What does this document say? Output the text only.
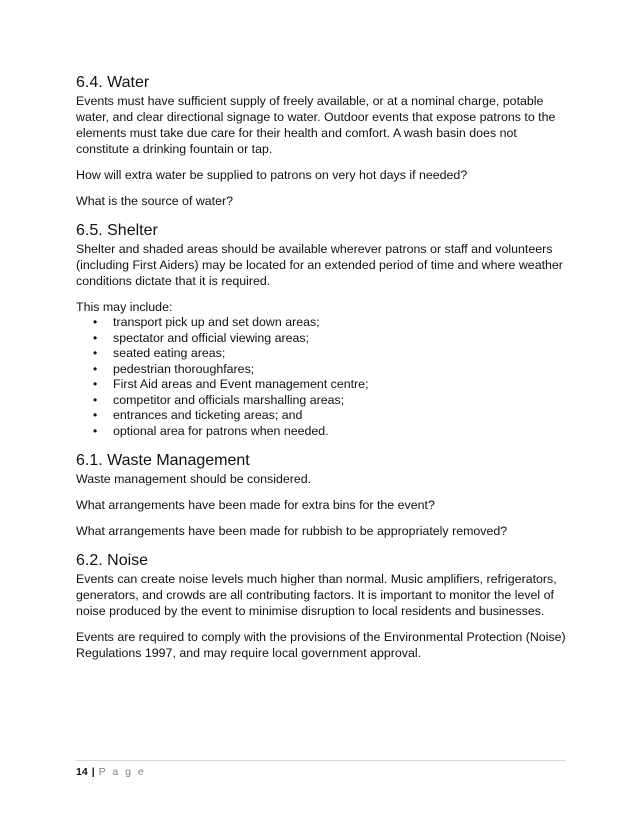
6.4. Water

Events must have sufficient supply of freely available, or at a nominal charge, potable water, and clear directional signage to water. Outdoor events that expose patrons to the elements must take due care for their health and comfort. A wash basin does not constitute a drinking fountain or tap.

How will extra water be supplied to patrons on very hot days if needed?

What is the source of water?

6.5. Shelter

Shelter and shaded areas should be available wherever patrons or staff and volunteers (including First Aiders) may be located for an extended period of time and where weather conditions dictate that it is required.

This may include:

• transport pick up and set down areas;
• spectator and official viewing areas;
• seated eating areas;
• pedestrian thoroughfares;
• First Aid areas and Event management centre;
• competitor and officials marshalling areas;
• entrances and ticketing areas; and
• optional area for patrons when needed.
6.1. Waste Management

Waste management should be considered.

What arrangements have been made for extra bins for the event?

What arrangements have been made for rubbish to be appropriately removed?

6.2. Noise

Events can create noise levels much higher than normal. Music amplifiers, refrigerators, generators, and crowds are all contributing factors. It is important to monitor the level of noise produced by the event to minimise disruption to local residents and businesses.

Events are required to comply with the provisions of the Environmental Protection (Noise) Regulations 1997, and may require local government approval.

14 | P a g e
